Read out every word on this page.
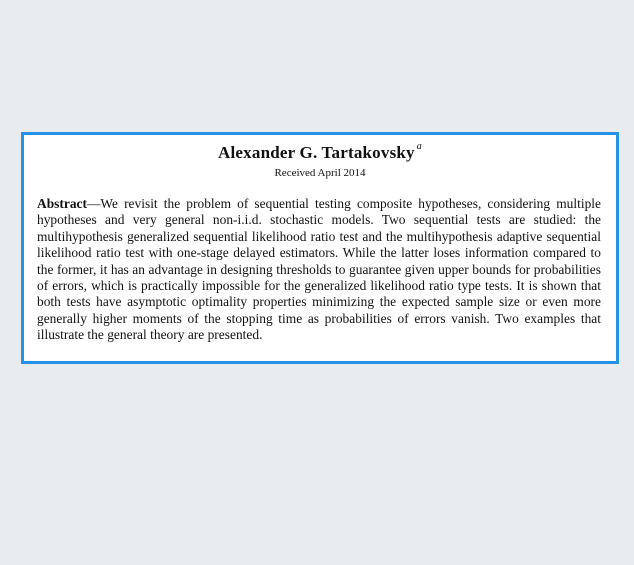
Alexander G. Tartakovsky $^a$
Received April 2014
Abstract—We revisit the problem of sequential testing composite hypotheses, considering multiple hypotheses and very general non-i.i.d. stochastic models. Two sequential tests are studied: the multihypothesis generalized sequential likelihood ratio test and the multihypothesis adaptive sequential likelihood ratio test with one-stage delayed estimators. While the latter loses information compared to the former, it has an advantage in designing thresholds to guarantee given upper bounds for probabilities of errors, which is practically impossible for the generalized likelihood ratio type tests. It is shown that both tests have asymptotic optimality properties minimizing the expected sample size or even more generally higher moments of the stopping time as probabilities of errors vanish. Two examples that illustrate the general theory are presented.
